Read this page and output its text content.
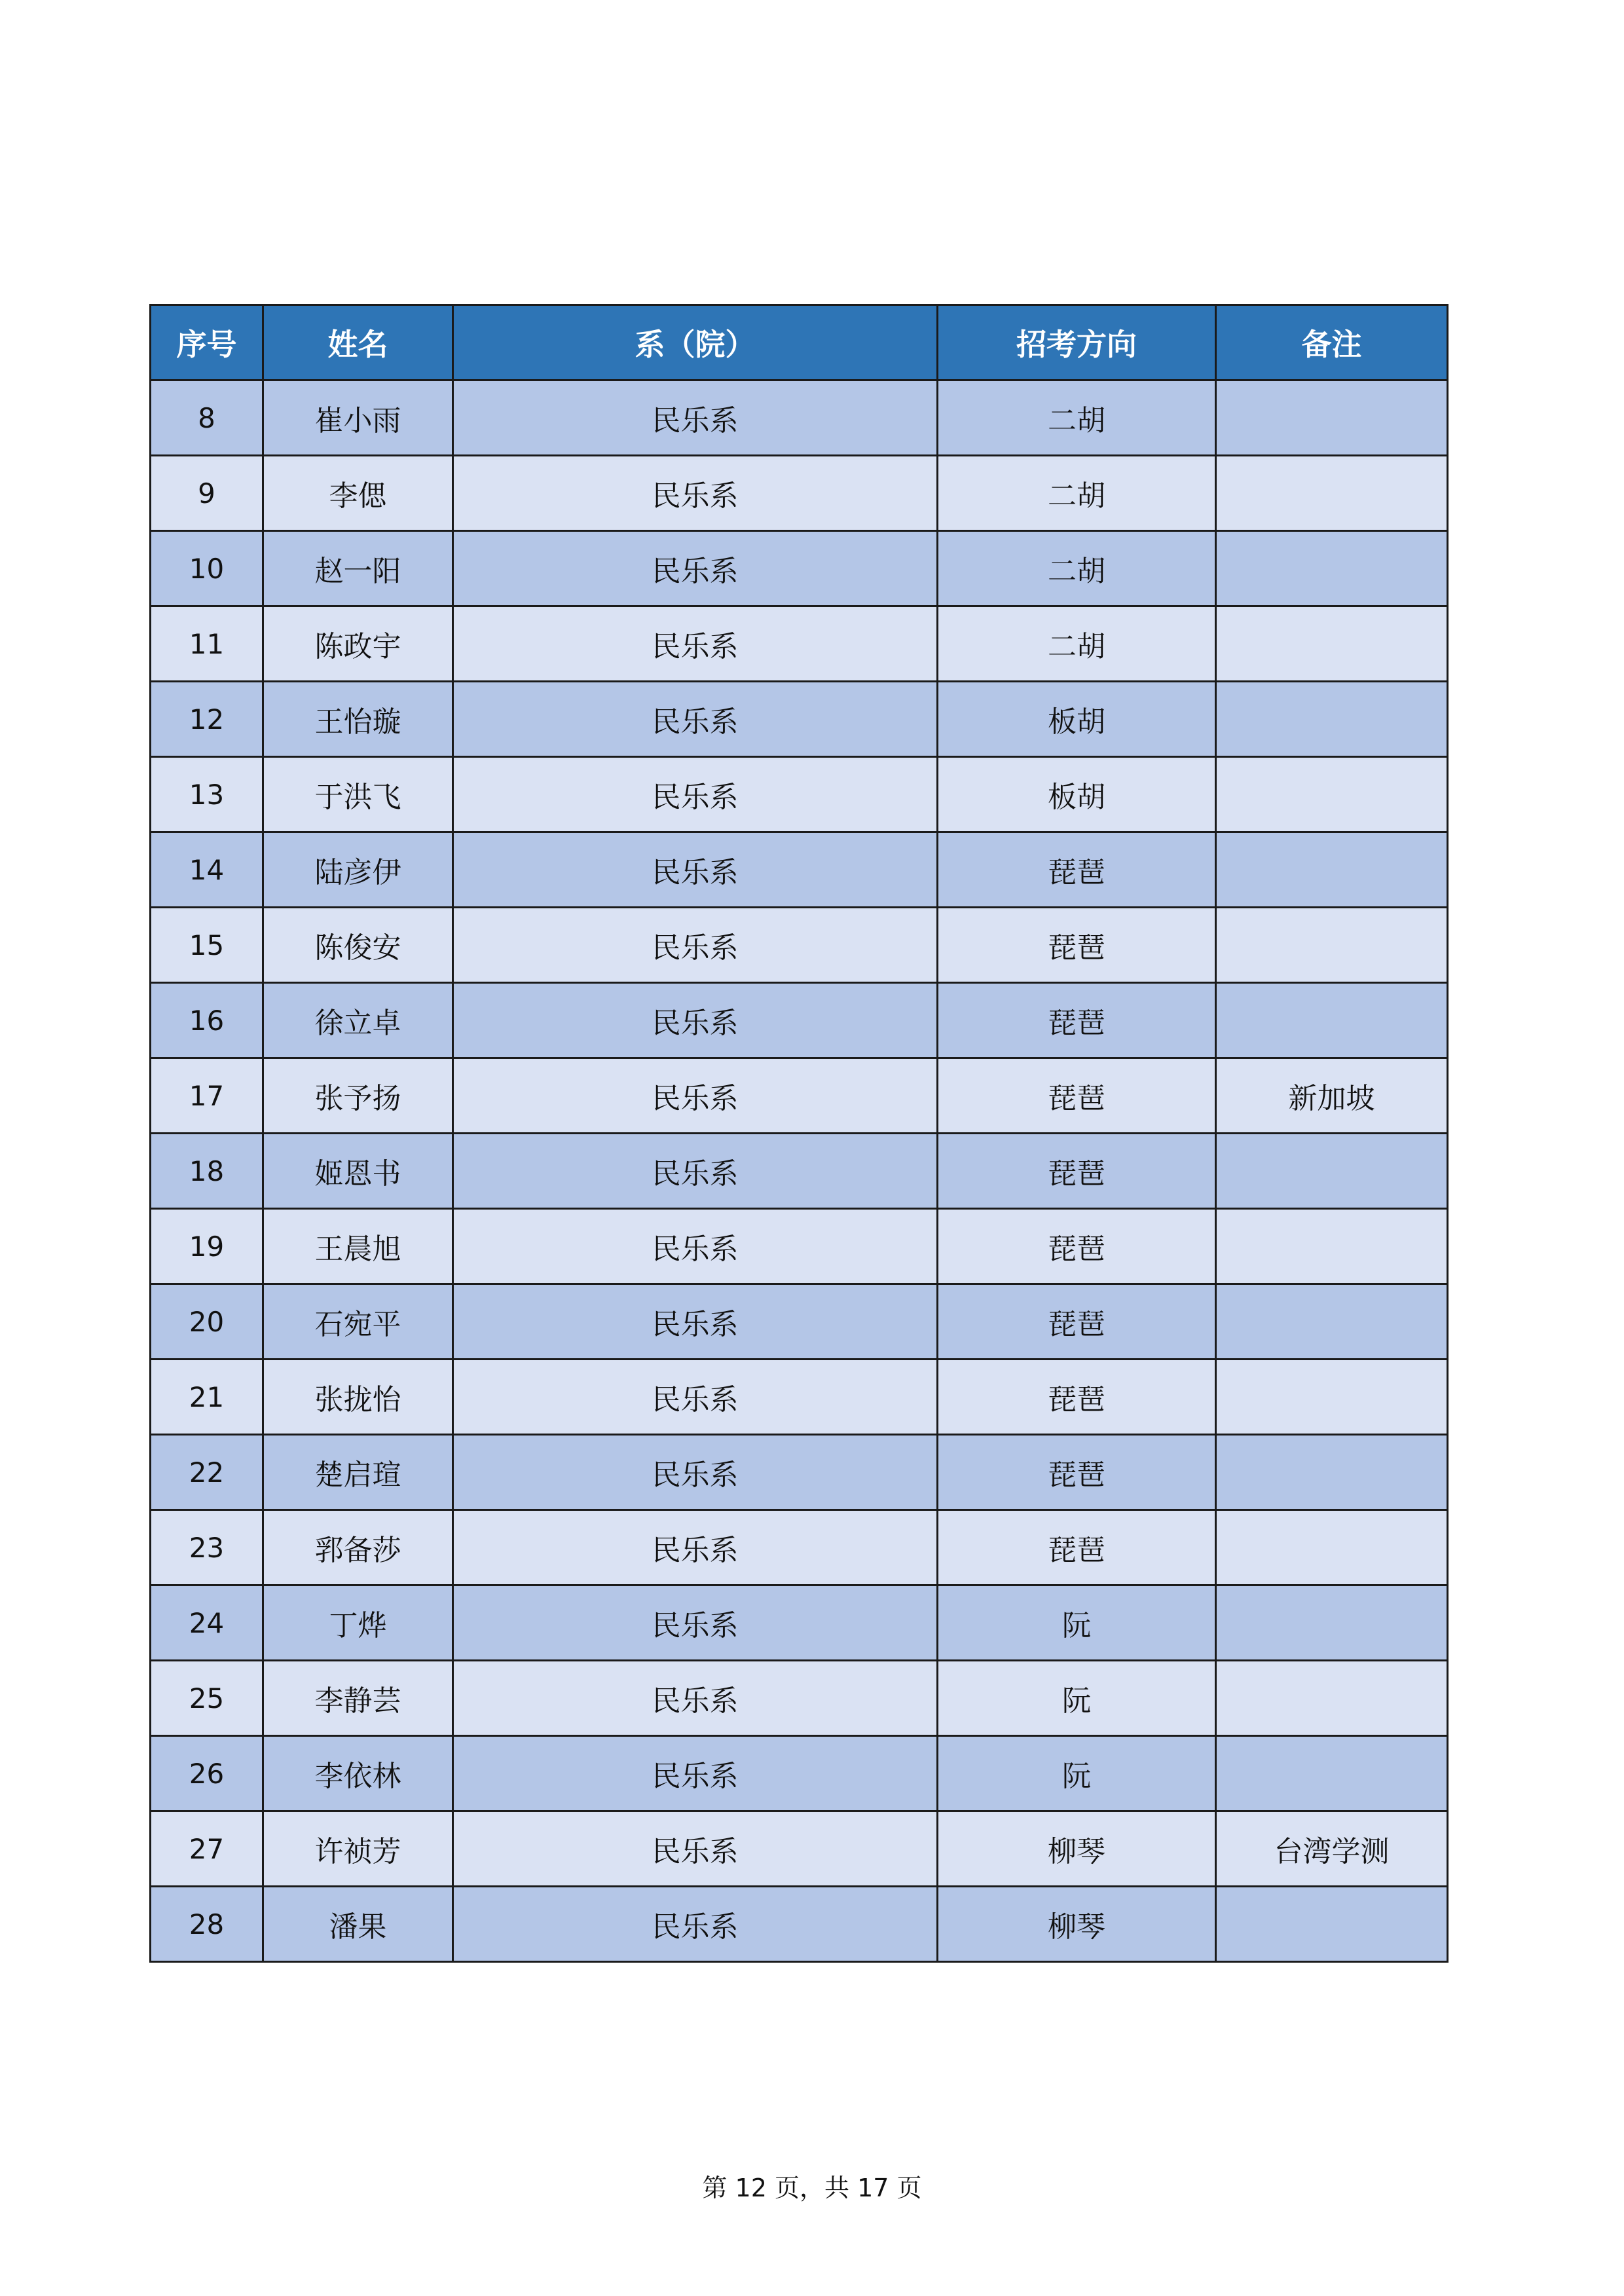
序号	姓名	系（院）	招考方向	备注
8	崔小雨	民乐系	二胡	
9	李偲	民乐系	二胡	
10	赵一阳	民乐系	二胡	
11	陈政宇	民乐系	二胡	
12	王怡璇	民乐系	板胡	
13	于洪飞	民乐系	板胡	
14	陆彦伊	民乐系	琵琶	
15	陈俊安	民乐系	琵琶	
16	徐立卓	民乐系	琵琶	
17	张予扬	民乐系	琵琶	新加坡
18	姬恩书	民乐系	琵琶	
19	王晨旭	民乐系	琵琶	
20	石宛平	民乐系	琵琶	
21	张拢怡	民乐系	琵琶	
22	楚启瑄	民乐系	琵琶	
23	郛备莎	民乐系	琵琶	
24	丁烨	民乐系	阮	
25	李静芸	民乐系	阮	
26	李依林	民乐系	阮	
27	许祯芳	民乐系	柳琴	台湾学测
28	潘果	民乐系	柳琴	
第 12 页，共 17 页
